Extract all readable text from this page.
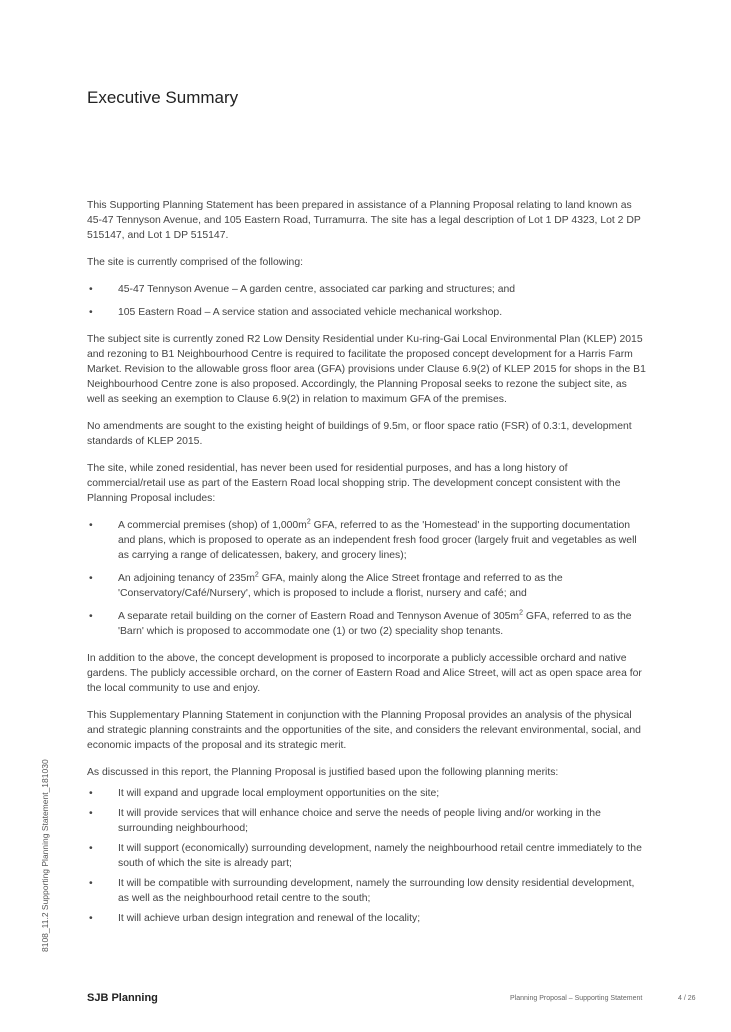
Executive Summary

This Supporting Planning Statement has been prepared in assistance of a Planning Proposal relating to land known as 45-47 Tennyson Avenue, and 105 Eastern Road, Turramurra. The site has a legal description of Lot 1 DP 4323, Lot 2 DP 515147, and Lot 1 DP 515147.

The site is currently comprised of the following:

• 45-47 Tennyson Avenue – A garden centre, associated car parking and structures; and
• 105 Eastern Road – A service station and associated vehicle mechanical workshop.

The subject site is currently zoned R2 Low Density Residential under Ku-ring-Gai Local Environmental Plan (KLEP) 2015 and rezoning to B1 Neighbourhood Centre is required to facilitate the proposed concept development for a Harris Farm Market. Revision to the allowable gross floor area (GFA) provisions under Clause 6.9(2) of KLEP 2015 for shops in the B1 Neighbourhood Centre zone is also proposed. Accordingly, the Planning Proposal seeks to rezone the subject site, as well as seeking an exemption to Clause 6.9(2) in relation to maximum GFA of the premises.

No amendments are sought to the existing height of buildings of 9.5m, or floor space ratio (FSR) of 0.3:1, development standards of KLEP 2015.

The site, while zoned residential, has never been used for residential purposes, and has a long history of commercial/retail use as part of the Eastern Road local shopping strip. The development concept consistent with the Planning Proposal includes:

• A commercial premises (shop) of $1,000m^2$ GFA, referred to as the 'Homestead' in the supporting documentation and plans, which is proposed to operate as an independent fresh food grocer (largely fruit and vegetables as well as carrying a range of delicatessen, bakery, and grocery lines);
• An adjoining tenancy of $235m^2$ GFA, mainly along the Alice Street frontage and referred to as the 'Conservatory/Café/Nursery', which is proposed to include a florist, nursery and café; and
• A separate retail building on the corner of Eastern Road and Tennyson Avenue of $305m^2$ GFA, referred to as the 'Barn' which is proposed to accommodate one (1) or two (2) speciality shop tenants.

In addition to the above, the concept development is proposed to incorporate a publicly accessible orchard and native gardens. The publicly accessible orchard, on the corner of Eastern Road and Alice Street, will act as open space area for the local community to use and enjoy.

This Supplementary Planning Statement in conjunction with the Planning Proposal provides an analysis of the physical and strategic planning constraints and the opportunities of the site, and considers the relevant environmental, social, and economic impacts of the proposal and its strategic merit.

As discussed in this report, the Planning Proposal is justified based upon the following planning merits:

• It will expand and upgrade local employment opportunities on the site;
• It will provide services that will enhance choice and serve the needs of people living and/or working in the surrounding neighbourhood;
• It will support (economically) surrounding development, namely the neighbourhood retail centre immediately to the south of which the site is already part;
• It will be compatible with surrounding development, namely the surrounding low density residential development, as well as the neighbourhood retail centre to the south;
• It will achieve urban design integration and renewal of the locality;
8108_11.2 Supporting Planning Statement_181030
SJB Planning	Planning Proposal – Supporting Statement	4 / 26
